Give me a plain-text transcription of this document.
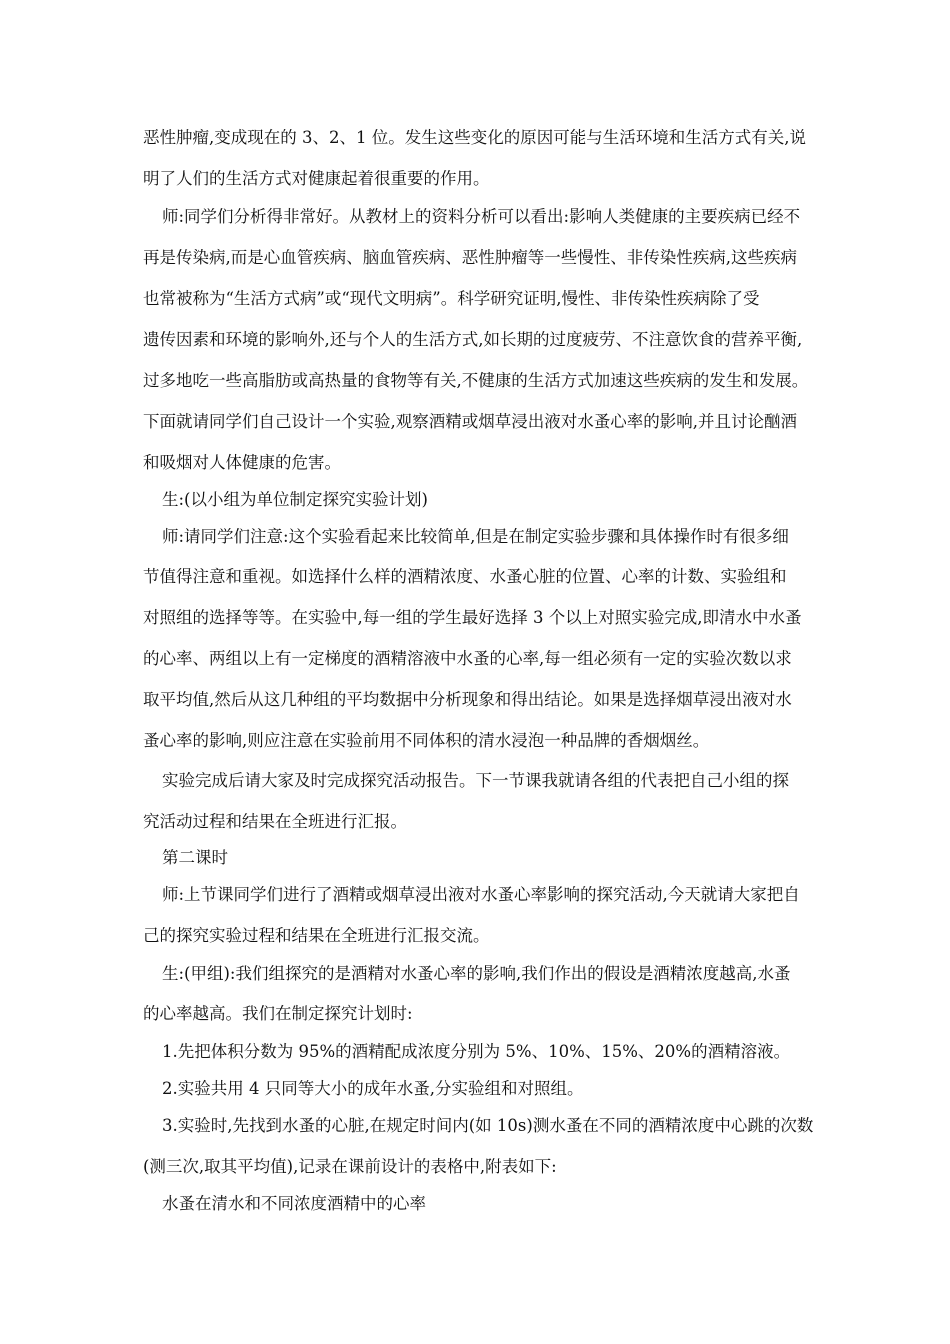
恶性肿瘤,变成现在的 3、2、1 位。发生这些变化的原因可能与生活环境和生活方式有关,说
明了人们的生活方式对健康起着很重要的作用。
师:同学们分析得非常好。从教材上的资料分析可以看出:影响人类健康的主要疾病已经不
再是传染病,而是心血管疾病、脑血管疾病、恶性肿瘤等一些慢性、非传染性疾病,这些疾病
也常被称为“生活方式病”或“现代文明病”。科学研究证明,慢性、非传染性疾病除了受
遗传因素和环境的影响外,还与个人的生活方式,如长期的过度疲劳、不注意饮食的营养平衡,
过多地吃一些高脂肪或高热量的食物等有关,不健康的生活方式加速这些疾病的发生和发展。
下面就请同学们自己设计一个实验,观察酒精或烟草浸出液对水蚤心率的影响,并且讨论酗酒
和吸烟对人体健康的危害。
生:(以小组为单位制定探究实验计划)
师:请同学们注意:这个实验看起来比较简单,但是在制定实验步骤和具体操作时有很多细
节值得注意和重视。如选择什么样的酒精浓度、水蚤心脏的位置、心率的计数、实验组和
对照组的选择等等。在实验中,每一组的学生最好选择 3 个以上对照实验完成,即清水中水蚤
的心率、两组以上有一定梯度的酒精溶液中水蚤的心率,每一组必须有一定的实验次数以求
取平均值,然后从这几种组的平均数据中分析现象和得出结论。如果是选择烟草浸出液对水
蚤心率的影响,则应注意在实验前用不同体积的清水浸泡一种品牌的香烟烟丝。
实验完成后请大家及时完成探究活动报告。下一节课我就请各组的代表把自己小组的探
究活动过程和结果在全班进行汇报。
第二课时
师:上节课同学们进行了酒精或烟草浸出液对水蚤心率影响的探究活动,今天就请大家把自
己的探究实验过程和结果在全班进行汇报交流。
生:(甲组):我们组探究的是酒精对水蚤心率的影响,我们作出的假设是酒精浓度越高,水蚤
的心率越高。我们在制定探究计划时:
1.先把体积分数为 95%的酒精配成浓度分别为 5%、10%、15%、20%的酒精溶液。
2.实验共用 4 只同等大小的成年水蚤,分实验组和对照组。
3.实验时,先找到水蚤的心脏,在规定时间内(如 10s)测水蚤在不同的酒精浓度中心跳的次数
(测三次,取其平均值),记录在课前设计的表格中,附表如下:
水蚤在清水和不同浓度酒精中的心率
